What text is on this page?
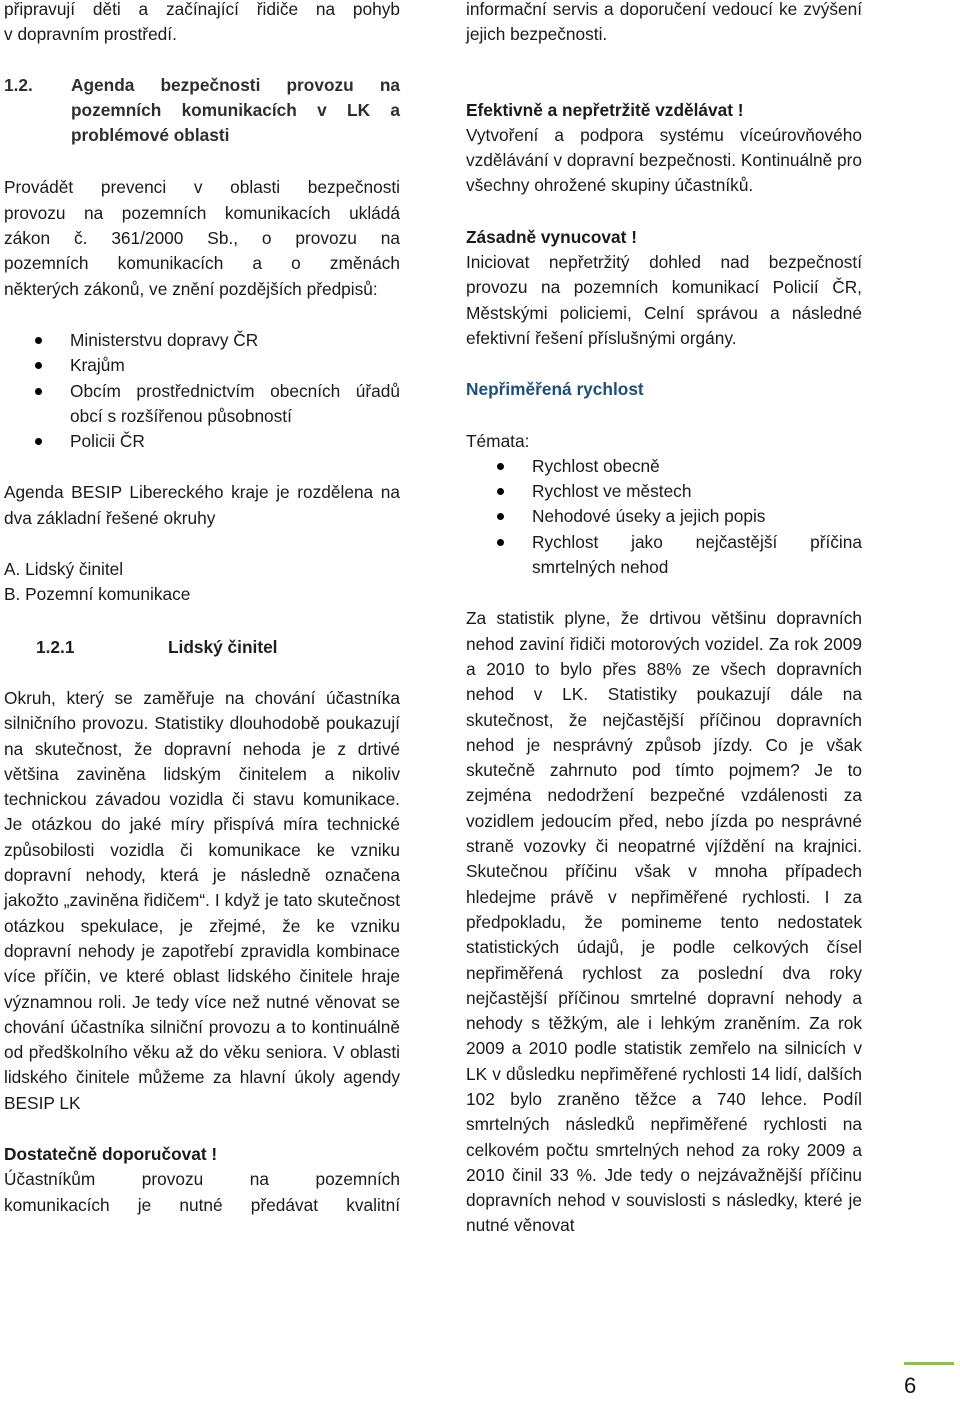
připravují děti a začínající řidiče na pohyb

v dopravním prostředí.

1.2.	Agenda bezpečnosti provozu na pozemních komunikacích v LK a problémové oblasti

Provádět prevenci v oblasti bezpečnosti

provozu na pozemních komunikacích ukládá

zákon č. 361/2000 Sb., o provozu na

pozemních komunikacích a o změnách

některých zákonů, ve znění pozdějších předpisů:

Ministerstvu dopravy ČR
Krajům
Obcím prostřednictvím obecních úřadů obcí s rozšířenou působností
Policii ČR

Agenda BESIP Libereckého kraje je rozdělena na dva základní řešené okruhy

A. Lidský činitel

B. Pozemní komunikace

1.2.1	Lidský činitel

Okruh, který se zaměřuje na chování účastníka silničního provozu. Statistiky dlouhodobě poukazují na skutečnost, že dopravní nehoda je z drtivé většina zaviněna lidským činitelem a nikoliv technickou závadou vozidla či stavu komunikace. Je otázkou do jaké míry přispívá míra technické způsobilosti vozidla či komunikace ke vzniku dopravní nehody, která je následně označena jakožto „zaviněna řidičem“. I když je tato skutečnost otázkou spekulace, je zřejmé, že ke vzniku dopravní nehody je zapotřebí zpravidla kombinace více příčin, ve které oblast lidského činitele hraje významnou roli. Je tedy více než nutné věnovat se chování účastníka silniční provozu a to kontinuálně od předškolního věku až do věku seniora. V oblasti lidského činitele můžeme za hlavní úkoly agendy BESIP LK

Dostatečně doporučovat !

Účastníkům provozu na pozemních

komunikacích je nutné předávat kvalitní

informační servis a doporučení vedoucí ke zvýšení jejich bezpečnosti.

Efektivně a nepřetržitě vzdělávat !

Vytvoření a podpora systému víceúrovňového vzdělávání v dopravní bezpečnosti. Kontinuálně pro všechny ohrožené skupiny účastníků.

Zásadně vynucovat !

Iniciovat nepřetržitý dohled nad bezpečností provozu na pozemních komunikací Policií ČR, Městskými policiemi, Celní správou a následné efektivní řešení příslušnými orgány.

Nepřiměřená rychlost

Témata:

Rychlost obecně
Rychlost ve městech
Nehodové úseky a jejich popis
Rychlost jako nejčastější příčina smrtelných nehod

Za statistik plyne, že drtivou většinu dopravních nehod zaviní řidiči motorových vozidel. Za rok 2009 a 2010 to bylo přes 88% ze všech dopravních nehod v LK. Statistiky poukazují dále na skutečnost, že nejčastější příčinou dopravních nehod je nesprávný způsob jízdy. Co je však skutečně zahrnuto pod tímto pojmem? Je to zejména nedodržení bezpečné vzdálenosti za vozidlem jedoucím před, nebo jízda po nesprávné straně vozovky či neopatrné vjíždění na krajnici. Skutečnou příčinu však v mnoha případech hledejme právě v nepřiměřené rychlosti. I za předpokladu, že pomineme tento nedostatek statistických údajů, je podle celkových čísel nepřiměřená rychlost za poslední dva roky nejčastější příčinou smrtelné dopravní nehody a nehody s těžkým, ale i lehkým zraněním. Za rok 2009 a 2010 podle statistik zemřelo na silnicích v LK v důsledku nepřiměřené rychlosti 14 lidí, dalších 102 bylo zraněno těžce a 740 lehce. Podíl smrtelných následků nepřiměřené rychlosti na celkovém počtu smrtelných nehod za roky 2009 a 2010 činil 33 %. Jde tedy o nejzávažnější příčinu dopravních nehod v souvislosti s následky, které je nutné věnovat

6
